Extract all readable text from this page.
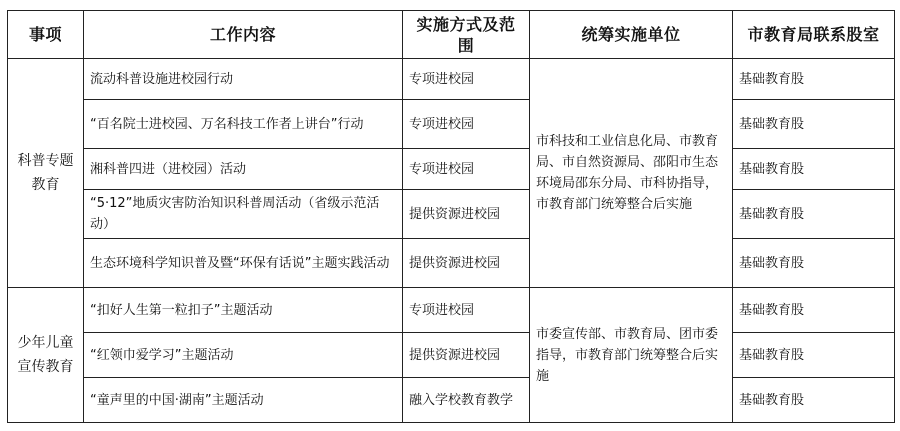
事项	工作内容	实施方式及范围	统筹实施单位	市教育局联系股室
科普专题教育	流动科普设施进校园行动	专项进校园	市科技和工业信息化局、市教育局、市自然资源局、邵阳市生态环境局邵东分局、市科协指导，市教育部门统筹整合后实施	基础教育股
	“百名院士进校园、万名科技工作者上讲台”行动	专项进校园		基础教育股
	湘科普四进（进校园）活动	专项进校园		基础教育股
	“5·12”地质灾害防治知识科普周活动（省级示范活动）	提供资源进校园		基础教育股
	生态环境科学知识普及暨“环保有话说”主题实践活动	提供资源进校园		基础教育股
少年儿童宣传教育	“扣好人生第一粒扣子”主题活动	专项进校园	市委宣传部、市教育局、团市委指导，市教育部门统筹整合后实施	基础教育股
	“红领巾爱学习”主题活动	提供资源进校园		基础教育股
	“童声里的中国·湖南”主题活动	融入学校教育教学		基础教育股
